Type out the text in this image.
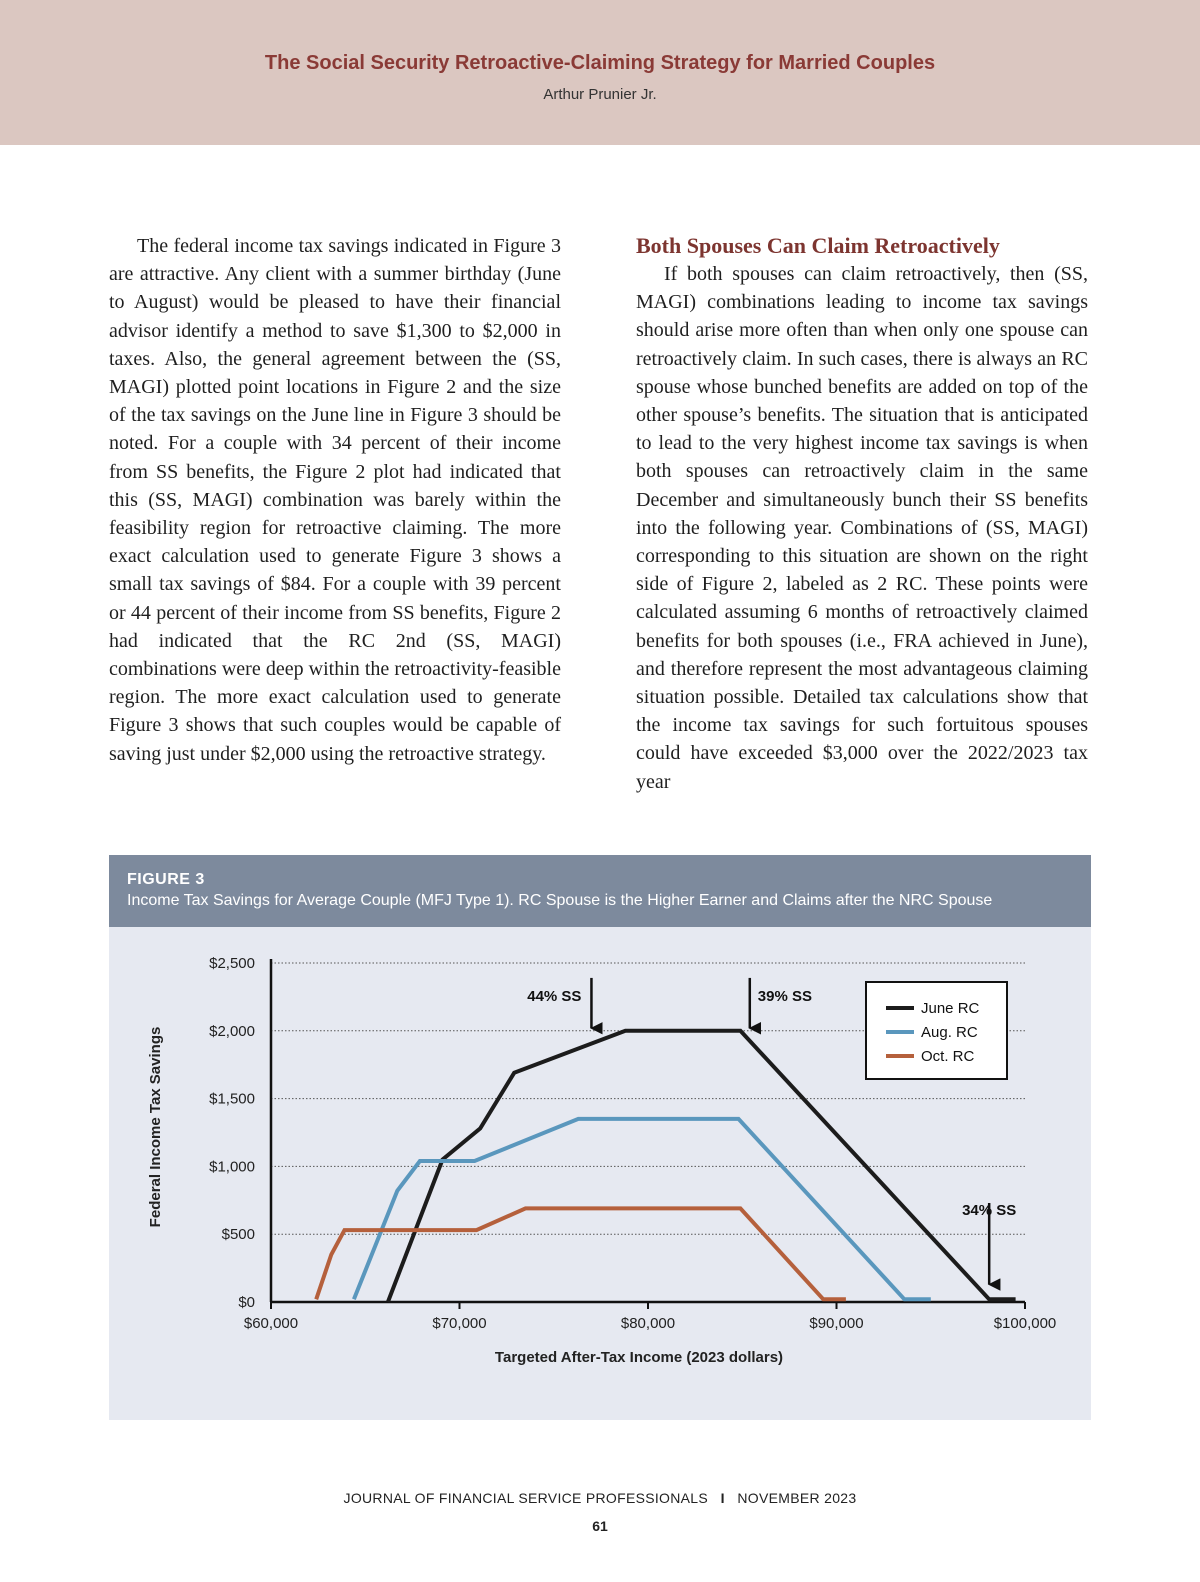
The Social Security Retroactive-Claiming Strategy for Married Couples
Arthur Prunier Jr.

The federal income tax savings indicated in Figure 3 are attractive. Any client with a summer birthday (June to August) would be pleased to have their financial advisor identify a method to save $1,300 to $2,000 in taxes. Also, the general agreement between the (SS, MAGI) plotted point locations in Figure 2 and the size of the tax savings on the June line in Figure 3 should be noted. For a couple with 34 percent of their income from SS benefits, the Figure 2 plot had indicated that this (SS, MAGI) combination was barely within the feasibility region for retroactive claiming. The more exact calculation used to generate Figure 3 shows a small tax savings of $84. For a couple with 39 percent or 44 percent of their income from SS benefits, Figure 2 had indicated that the RC 2nd (SS, MAGI) combinations were deep within the retroactivity-feasible region. The more exact calculation used to generate Figure 3 shows that such couples would be capable of saving just under $2,000 using the retroactive strategy.

Both Spouses Can Claim Retroactively

If both spouses can claim retroactively, then (SS, MAGI) combinations leading to income tax savings should arise more often than when only one spouse can retroactively claim. In such cases, there is always an RC spouse whose bunched benefits are added on top of the other spouse’s benefits. The situation that is anticipated to lead to the very highest income tax savings is when both spouses can retroactively claim in the same December and simultaneously bunch their SS benefits into the following year. Combinations of (SS, MAGI) corresponding to this situation are shown on the right side of Figure 2, labeled as 2 RC. These points were calculated assuming 6 months of retroactively claimed benefits for both spouses (i.e., FRA achieved in June), and therefore represent the most advantageous claiming situation possible. Detailed tax calculations show that the income tax savings for such fortuitous spouses could have exceeded $3,000 over the 2022/2023 tax year

FIGURE 3
Income Tax Savings for Average Couple (MFJ Type 1). RC Spouse is the Higher Earner and Claims after the NRC Spouse
$0
$500
$1,000
$1,500
$2,000
$2,500
$60,000	$70,000	$80,000	$90,000	$100,000
44% SS	39% SS
34% SS
June RC
Aug. RC
Oct. RC
Federal Income Tax Savings
Targeted After-Tax Income (2023 dollars)
JOURNAL OF FINANCIAL SERVICE PROFESSIONALS I NOVEMBER 2023
61
